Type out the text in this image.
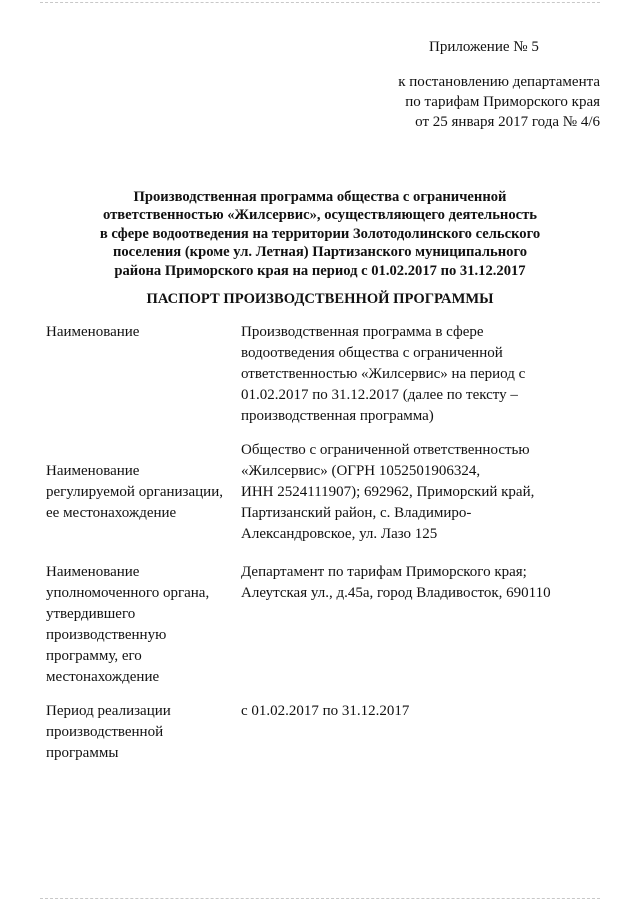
Приложение № 5
к постановлению департамента
по тарифам Приморского края
от 25 января 2017 года № 4/6
Производственная программа общества с ограниченной
ответственностью «Жилсервис», осуществляющего деятельность
в сфере водоотведения на территории Золотодолинского сельского
поселения (кроме ул. Летная) Партизанского муниципального
района Приморского края на период с 01.02.2017 по 31.12.2017
ПАСПОРТ ПРОИЗВОДСТВЕННОЙ ПРОГРАММЫ
Наименование	Производственная программа в сфере
водоотведения общества с ограниченной
ответственностью «Жилсервис» на период с
01.02.2017 по 31.12.2017 (далее по тексту –
производственная программа)
Наименование
регулируемой организации,
ее местонахождение
Общество с ограниченной ответственностью
«Жилсервис» (ОГРН 1052501906324,
ИНН 2524111907); 692962, Приморский край,
Партизанский район, с. Владимиро-
Александровское, ул. Лазо 125
Наименование
уполномоченного органа,
утвердившего
производственную
программу, его
местонахождение
Департамент по тарифам Приморского края;
Алеутская ул., д.45а, город Владивосток, 690110
Период реализации
производственной
программы
с 01.02.2017 по 31.12.2017
